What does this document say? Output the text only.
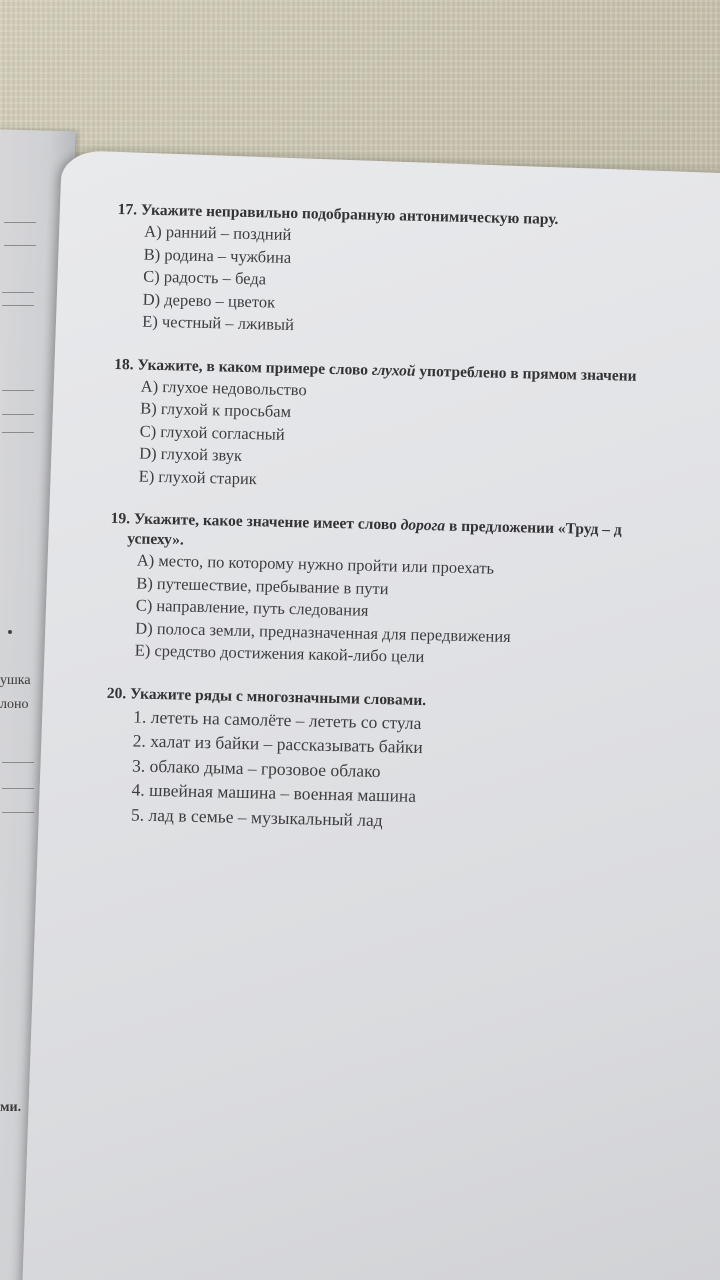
ушка
лоно
ми.
17. Укажите неправильно подобранную антонимическую пару.
A) ранний – поздний
B) родина – чужбина
C) радость – беда
D) дерево – цветок
E) честный – лживый
18. Укажите, в каком примере слово глухой употреблено в прямом значени
A) глухое недовольство
B) глухой к просьбам
C) глухой согласный
D) глухой звук
E) глухой старик
19. Укажите, какое значение имеет слово дорога в предложении «Труд – д
успеху».
A) место, по которому нужно пройти или проехать
B) путешествие, пребывание в пути
C) направление, путь следования
D) полоса земли, предназначенная для передвижения
E) средство достижения какой-либо цели
20. Укажите ряды с многозначными словами.
1. лететь на самолёте – лететь со стула
2. халат из байки – рассказывать байки
3. облако дыма – грозовое облако
4. швейная машина – военная машина
5. лад в семье – музыкальный лад
